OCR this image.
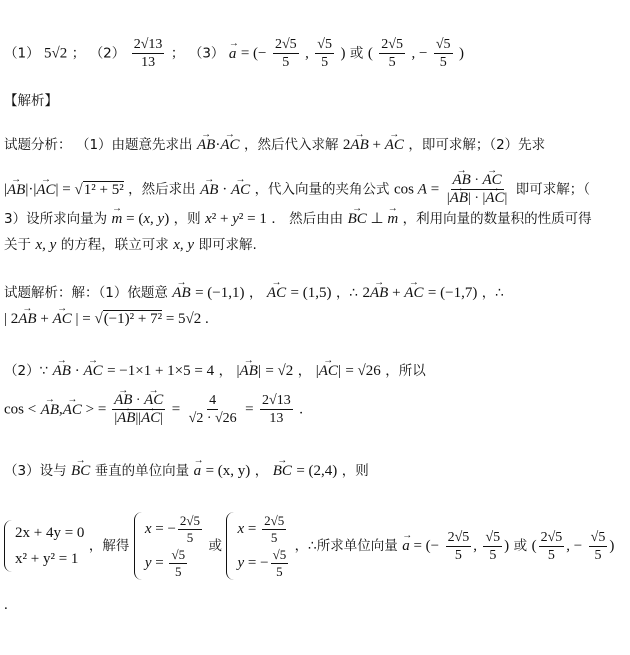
（1） 5√2 ； $(2) \frac{2√13}{13}$ ； （3） → a = (− $\frac{2√5}{5}$ , $\frac{√5}{5}$ ) 或 ( $\frac{2√5}{5}$ , − $\frac{√5}{5}$ )
【解析】
试题分析： （1）由题意先求出 → AB·→ AC ，然后代入求解 2→ AB + → AC ，即可求解；（2）先求
|→ AB|·|→ AC| = √ 1² + 5² ，然后求出 → AB · → AC ，代入向量的夹角公式 cos A = → $\frac{AB \cdot \to AC}{|\to AB| \cdot |\to AC|}$ 即可求解；（
3）设所求向量为 → m = (x, y) ，则 x² + y² = 1 ． 然后由由 → BC ⊥ → m ，利用向量的数量积的性质可得
关于 x, y 的方程，联立可求 x, y 即可求解.
试题解析：解：（1）依题意 → AB = (−1,1) ， → AC = (1,5) ，∴ 2→ AB + → AC = (−1,7) ，∴
| 2→ AB + → AC | = √ (−1)² + 7² = 5√2 .
（2）∵ → AB · → AC = −1×1 + 1×5 = 4 ， |→ AB| = √2 ， |→ AC| = √26 ，所以
cos < → AB,→ AC > = → $\frac{AB \cdot \to AC}{|\to AB||\to AC|} = \frac{4}{√2 \cdot √26} = \frac{2√13}{13}$ .
（3）设与 → BC 垂直的单位向量 → a = (x, y) ， → BC = (2,4) ，则
2x + 4y = 0
x² + y² = 1
，解得
x = − $\frac{2√5}{5}$
$y = \frac{√5}{5}$
或
$x = \frac{2√5}{5}$
y = − $\frac{√5}{5}$
，∴所求单位向量 → a = (− $\frac{2√5}{5}$ , $\frac{√5}{5}$ ) 或 ( $\frac{2√5}{5}$ , − $\frac{√5}{5}$ )
.
